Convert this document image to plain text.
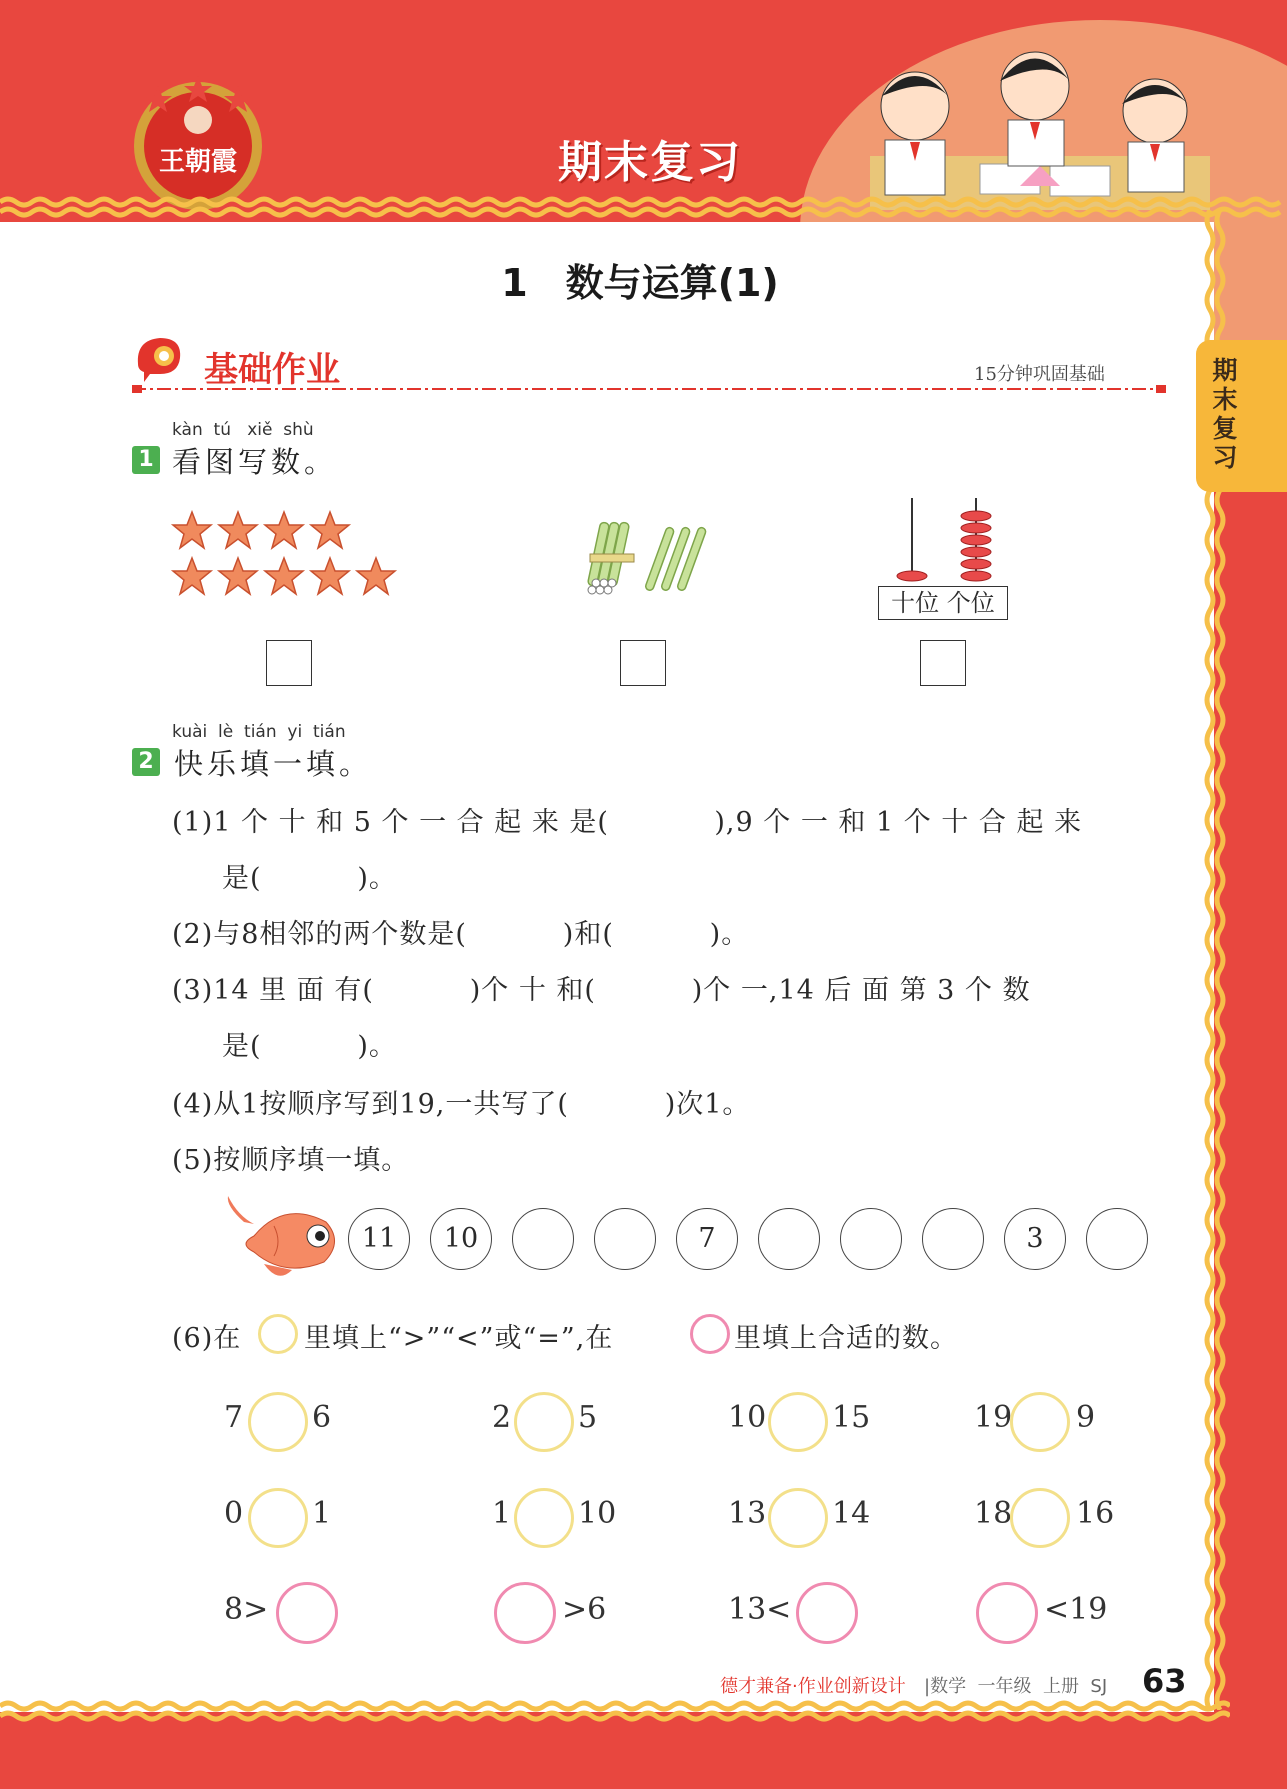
期末复习
王朝霞
期末复习
1　数与运算(1)
基础作业	15分钟巩固基础
kàn  tú   xiě  shù
1 看图写数。
十位 个位
kuài  lè  tián  yi  tián
2 快乐填一填。
(1)1 个 十 和 5 个 一 合 起 来 是(           ),9 个 一 和 1 个 十 合 起 来
是(          )。
(2)与8相邻的两个数是(          )和(          )。
(3)14 里 面 有(          )个 十 和(          )个 一,14 后 面 第 3 个 数
是(          )。
(4)从1按顺序写到19,一共写了(          )次1。
(5)按顺序填一填。
11	10	7	3
(6)在 里填上“>”“<”或“=”,在	里填上合适的数。
7 6	2 5	10 15	19 9
0 1	1 10	13 14	18 16
8>	>6	13<	<19
德才兼备·作业创新设计 |数学  一年级  上册  SJ 63
